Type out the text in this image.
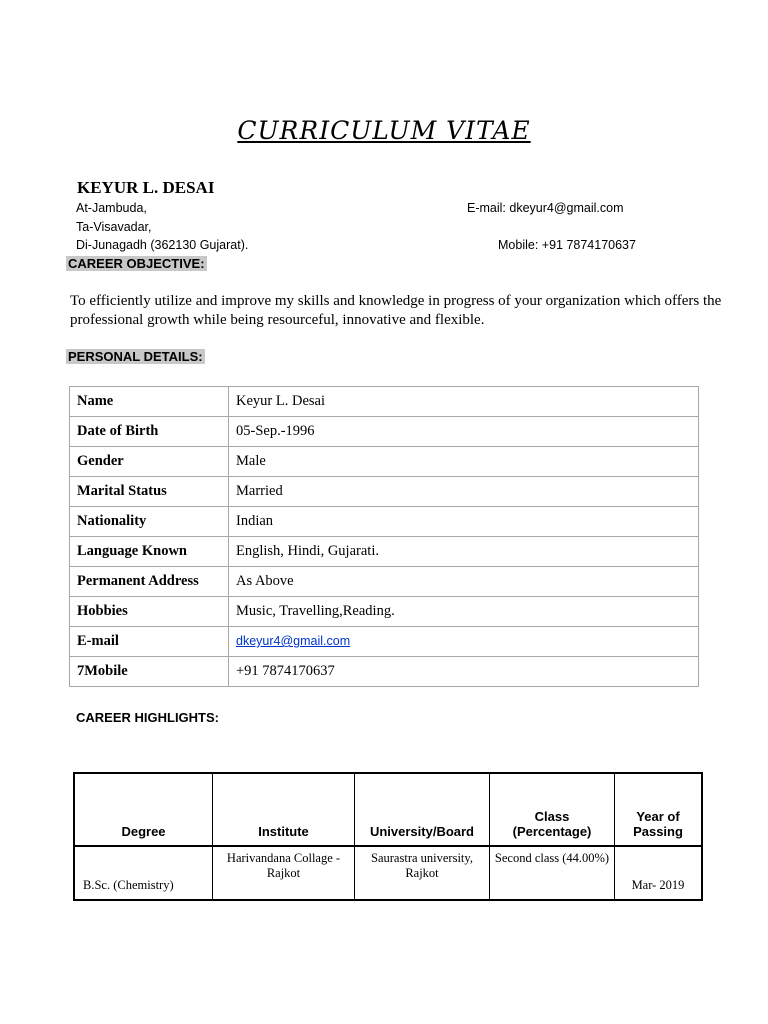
CURRICULUM VITAE
KEYUR L. DESAI
At-Jambuda,
Ta-Visavadar,
Di-Junagadh (362130 Gujarat).
E-mail: dkeyur4@gmail.com
Mobile: +91 7874170637
CAREER OBJECTIVE:
To efficiently utilize and improve my skills and knowledge in progress of your organization which offers the professional growth while being resourceful, innovative and flexible.
PERSONAL DETAILS:
Name	Keyur L. Desai
Date of Birth	05-Sep.-1996
Gender	Male
Marital Status	Married
Nationality	Indian
Language Known	English, Hindi, Gujarati.
Permanent Address	As Above
Hobbies	Music, Travelling,Reading.
E-mail	dkeyur4@gmail.com
7Mobile	+91 7874170637
CAREER HIGHLIGHTS:
Degree	Institute	University/Board	Class (Percentage)	Year of Passing
B.Sc. (Chemistry)	Harivandana Collage - Rajkot	Saurastra university, Rajkot	Second class (44.00%)	Mar- 2019
